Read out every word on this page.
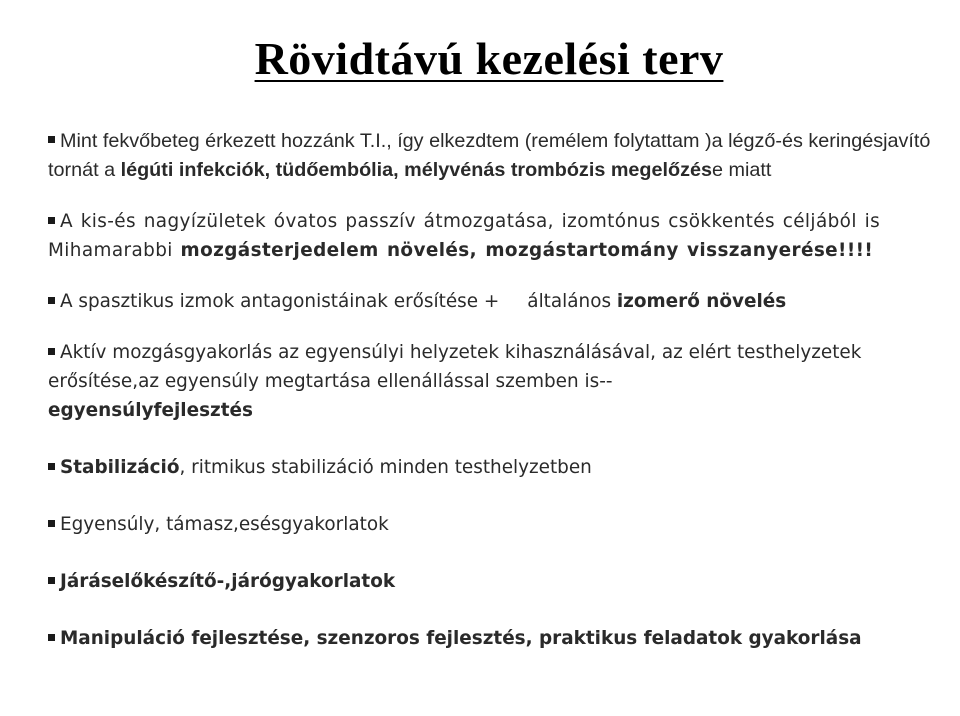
Rövidtávú kezelési terv

Mint fekvőbeteg érkezett hozzánk T.I., így elkezdtem (remélem folytattam )a légző-és keringésjavító tornát a légúti infekciók, tüdőembólia, mélyvénás trombózis megelőzése miatt

A kis-és nagyízületek óvatos passzív átmozgatása, izomtónus csökkentés céljából is Mihamarabbi mozgásterjedelem növelés, mozgástartomány visszanyerése!!!!

A spasztikus izmok antagonistáinak erősítése + általános izomerő növelés

Aktív mozgásgyakorlás az egyensúlyi helyzetek kihasználásával, az elért testhelyzetek erősítése,az egyensúly megtartása ellenállással szemben is--
egyensúlyfejlesztés

Stabilizáció, ritmikus stabilizáció minden testhelyzetben

Egyensúly, támasz,esésgyakorlatok

Járáselőkészítő-,járógyakorlatok

Manipuláció fejlesztése, szenzoros fejlesztés, praktikus feladatok gyakorlása
